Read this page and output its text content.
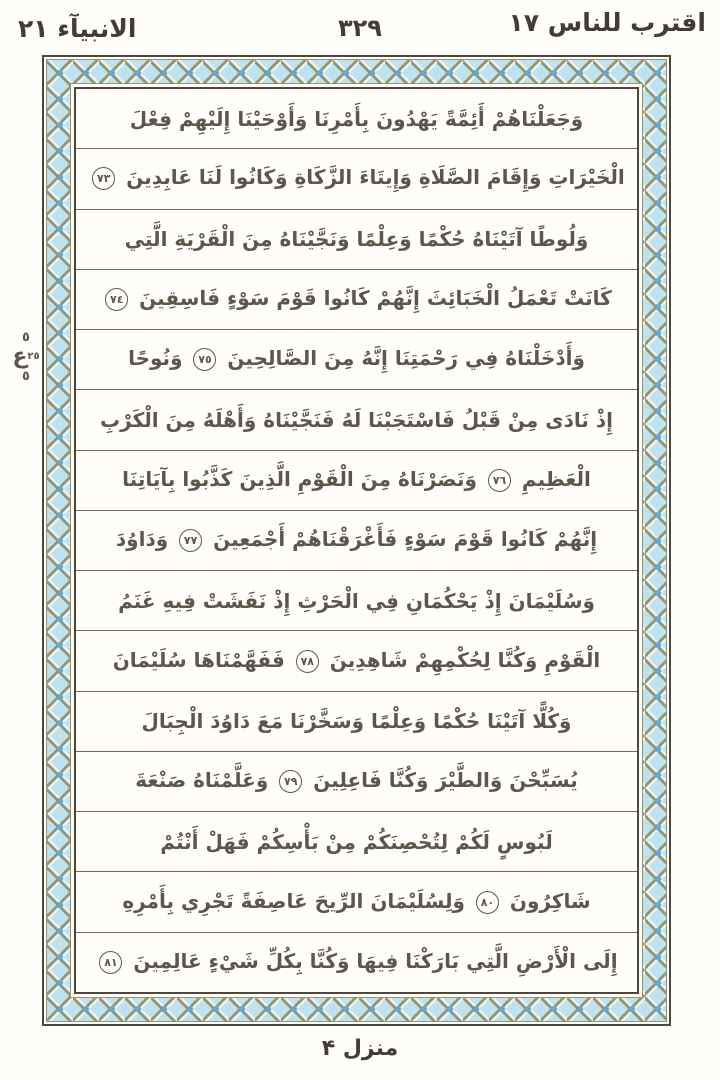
اقترب للناس ١٧
٣٢٩
الانبيآء ٢١
٥
٢٥ع
٥
وَجَعَلْنَاهُمْ أَئِمَّةً يَهْدُونَ بِأَمْرِنَا وَأَوْحَيْنَا إِلَيْهِمْ فِعْلَ
الْخَيْرَاتِ وَإِقَامَ الصَّلَاةِ وَإِيتَاءَ الزَّكَاةِ وَكَانُوا لَنَا عَابِدِينَ ٧٣
وَلُوطًا آتَيْنَاهُ حُكْمًا وَعِلْمًا وَنَجَّيْنَاهُ مِنَ الْقَرْيَةِ الَّتِي
كَانَتْ تَعْمَلُ الْخَبَائِثَ إِنَّهُمْ كَانُوا قَوْمَ سَوْءٍ فَاسِقِينَ ٧٤
وَأَدْخَلْنَاهُ فِي رَحْمَتِنَا إِنَّهُ مِنَ الصَّالِحِينَ ٧٥ وَنُوحًا
إِذْ نَادَى مِنْ قَبْلُ فَاسْتَجَبْنَا لَهُ فَنَجَّيْنَاهُ وَأَهْلَهُ مِنَ الْكَرْبِ
الْعَظِيمِ ٧٦ وَنَصَرْنَاهُ مِنَ الْقَوْمِ الَّذِينَ كَذَّبُوا بِآيَاتِنَا
إِنَّهُمْ كَانُوا قَوْمَ سَوْءٍ فَأَغْرَقْنَاهُمْ أَجْمَعِينَ ٧٧ وَدَاوُدَ
وَسُلَيْمَانَ إِذْ يَحْكُمَانِ فِي الْحَرْثِ إِذْ نَفَشَتْ فِيهِ غَنَمُ
الْقَوْمِ وَكُنَّا لِحُكْمِهِمْ شَاهِدِينَ ٧٨ فَفَهَّمْنَاهَا سُلَيْمَانَ
وَكُلًّا آتَيْنَا حُكْمًا وَعِلْمًا وَسَخَّرْنَا مَعَ دَاوُدَ الْجِبَالَ
يُسَبِّحْنَ وَالطَّيْرَ وَكُنَّا فَاعِلِينَ ٧٩ وَعَلَّمْنَاهُ صَنْعَةَ
لَبُوسٍ لَكُمْ لِتُحْصِنَكُمْ مِنْ بَأْسِكُمْ فَهَلْ أَنْتُمْ
شَاكِرُونَ ٨٠ وَلِسُلَيْمَانَ الرِّيحَ عَاصِفَةً تَجْرِي بِأَمْرِهِ
إِلَى الْأَرْضِ الَّتِي بَارَكْنَا فِيهَا وَكُنَّا بِكُلِّ شَيْءٍ عَالِمِينَ ٨١
منزل ۴
